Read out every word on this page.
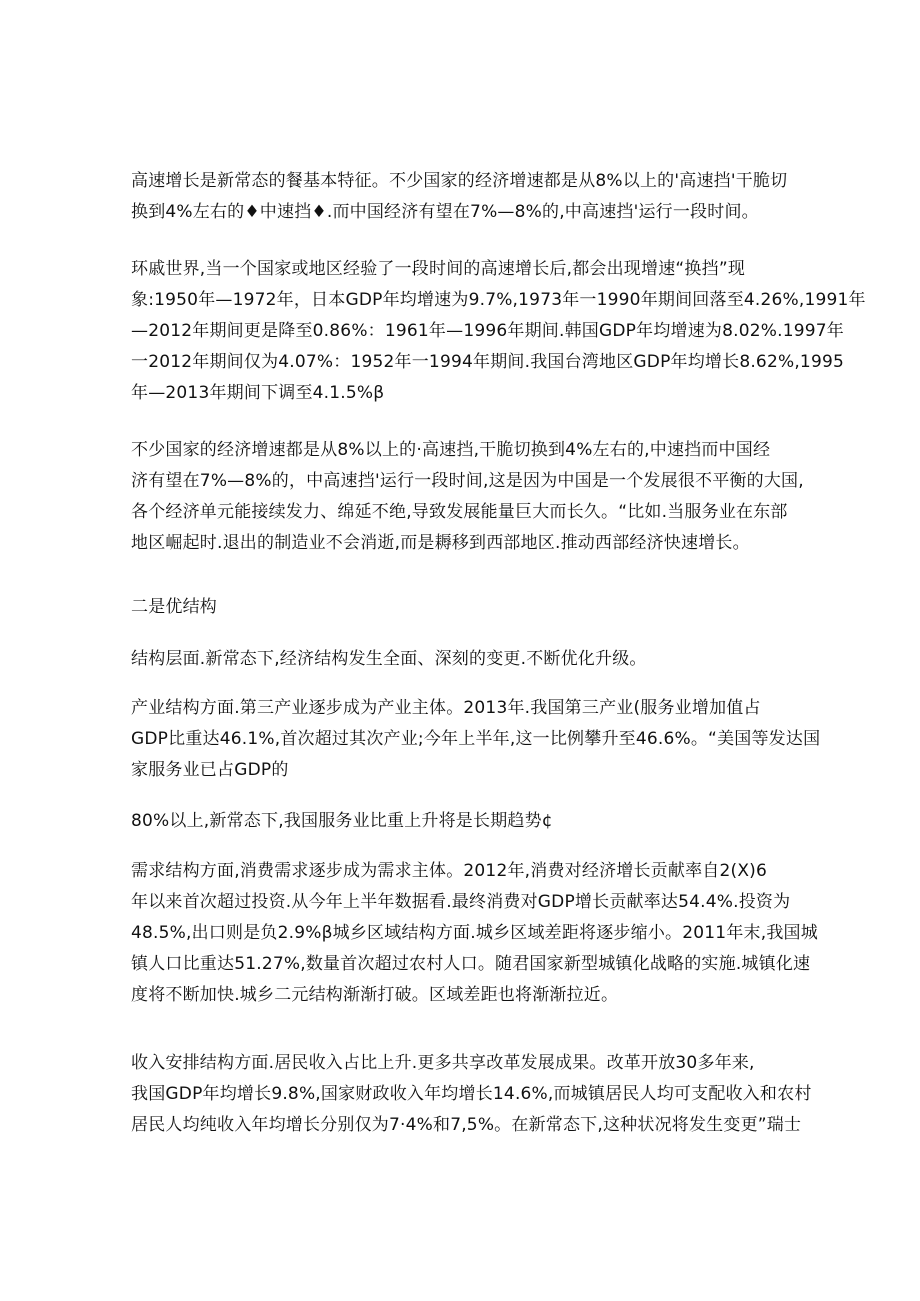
高速增长是新常态的餐基本特征。不少国家的经济增速都是从8%以上的'高速挡'干脆切
换到4%左右的♦中速挡♦.而中国经济有望在7%—8%的,中高速挡'运行一段时间。
环戚世界,当一个国家或地区经验了一段时间的高速增长后,都会出现增速“换挡”现
象:1950年—1972年，日本GDP年均增速为9.7%,1973年一1990年期间回落至4.26%,1991年
—2012年期间更是降至0.86%：1961年—1996年期间.韩国GDP年均增速为8.02%.1997年
一2012年期间仅为4.07%：1952年一1994年期间.我国台湾地区GDP年均增长8.62%,1995
年—2013年期间下调至4.1.5%β
不少国家的经济增速都是从8%以上的·高速挡,干脆切换到4%左右的,中速挡而中国经
济有望在7%—8%的，中高速挡'运行一段时间,这是因为中国是一个发展很不平衡的大国,
各个经济单元能接续发力、绵延不绝,导致发展能量巨大而长久。“比如.当服务业在东部
地区崛起时.退出的制造业不会消逝,而是耨移到西部地区.推动西部经济快速增长。
二是优结构
结构层面.新常态下,经济结构发生全面、深刻的变更.不断优化升级。
产业结构方面.第三产业逐步成为产业主体。2013年.我国第三产业(服务业增加值占
GDP比重达46.1%,首次超过其次产业;今年上半年,这一比例攀升至46.6%。“美国等发达国
家服务业已占GDP的
80%以上,新常态下,我国服务业比重上升将是长期趋势¢
需求结构方面,消费需求逐步成为需求主体。2012年,消费对经济增长贡献率自2(X)6
年以来首次超过投资.从今年上半年数据看.最终消费对GDP增长贡献率达54.4%.投资为
48.5%,出口则是负2.9%β城乡区域结构方面.城乡区域差距将逐步缩小。2011年末,我国城
镇人口比重达51.27%,数量首次超过农村人口。随君国家新型城镇化战略的实施.城镇化速
度将不断加快.城乡二元结构渐渐打破。区域差距也将渐渐拉近。
收入安排结构方面.居民收入占比上升.更多共享改革发展成果。改革开放30多年来,
我国GDP年均增长9.8%,国家财政收入年均增长14.6%,而城镇居民人均可支配收入和农村
居民人均纯收入年均增长分别仅为7·4%和7,5%。在新常态下,这种状况将发生变更”瑞士
